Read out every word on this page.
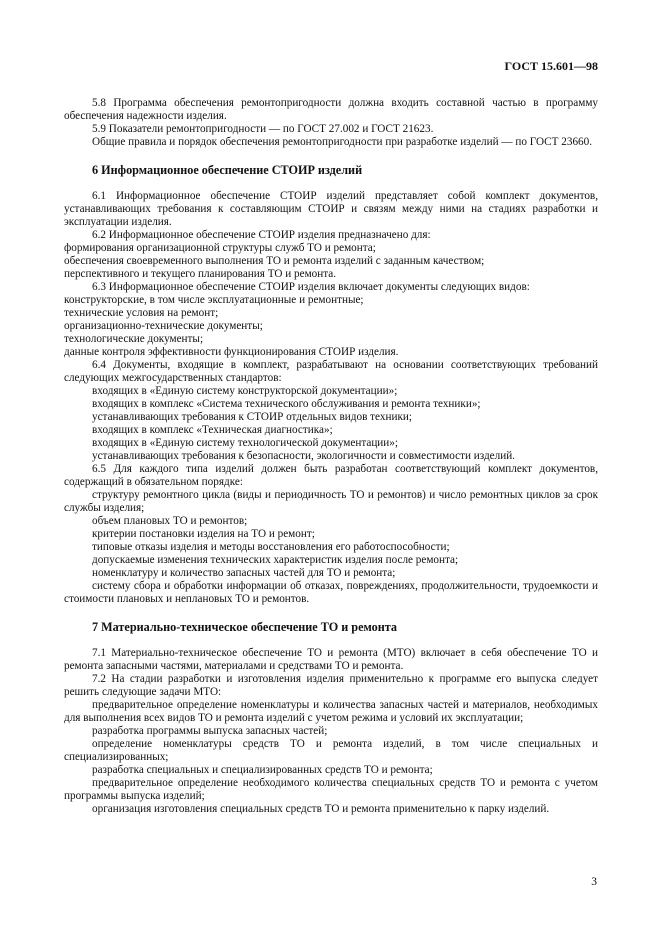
ГОСТ 15.601—98

5.8 Программа обеспечения ремонтопригодности должна входить составной частью в программу обеспечения надежности изделия.

5.9 Показатели ремонтопригодности — по ГОСТ 27.002 и ГОСТ 21623.

Общие правила и порядок обеспечения ремонтопригодности при разработке изделий — по ГОСТ 23660.

6 Информационное обеспечение СТОИР изделий

6.1 Информационное обеспечение СТОИР изделий представляет собой комплект документов, устанавливающих требования к составляющим СТОИР и связям между ними на стадиях разработки и эксплуатации изделия.

6.2 Информационное обеспечение СТОИР изделия предназначено для:

формирования организационной структуры служб ТО и ремонта;

обеспечения своевременного выполнения ТО и ремонта изделий с заданным качеством;

перспективного и текущего планирования ТО и ремонта.

6.3 Информационное обеспечение СТОИР изделия включает документы следующих видов:

конструкторские, в том числе эксплуатационные и ремонтные;

технические условия на ремонт;

организационно-технические документы;

технологические документы;

данные контроля эффективности функционирования СТОИР изделия.

6.4 Документы, входящие в комплект, разрабатывают на основании соответствующих требований следующих межгосударственных стандартов:

входящих в «Единую систему конструкторской документации»;

входящих в комплекс «Система технического обслуживания и ремонта техники»;

устанавливающих требования к СТОИР отдельных видов техники;

входящих в комплекс «Техническая диагностика»;

входящих в «Единую систему технологической документации»;

устанавливающих требования к безопасности, экологичности и совместимости изделий.

6.5 Для каждого типа изделий должен быть разработан соответствующий комплект документов, содержащий в обязательном порядке:

структуру ремонтного цикла (виды и периодичность ТО и ремонтов) и число ремонтных циклов за срок службы изделия;

объем плановых ТО и ремонтов;

критерии постановки изделия на ТО и ремонт;

типовые отказы изделия и методы восстановления его работоспособности;

допускаемые изменения технических характеристик изделия после ремонта;

номенклатуру и количество запасных частей для ТО и ремонта;

систему сбора и обработки информации об отказах, повреждениях, продолжительности, трудоемкости и стоимости плановых и неплановых ТО и ремонтов.

7 Материально-техническое обеспечение ТО и ремонта

7.1 Материально-техническое обеспечение ТО и ремонта (МТО) включает в себя обеспечение ТО и ремонта запасными частями, материалами и средствами ТО и ремонта.

7.2 На стадии разработки и изготовления изделия применительно к программе его выпуска следует решить следующие задачи МТО:

предварительное определение номенклатуры и количества запасных частей и материалов, необходимых для выполнения всех видов ТО и ремонта изделий с учетом режима и условий их эксплуатации;

разработка программы выпуска запасных частей;

определение номенклатуры средств ТО и ремонта изделий, в том числе специальных и специализированных;

разработка специальных и специализированных средств ТО и ремонта;

предварительное определение необходимого количества специальных средств ТО и ремонта с учетом программы выпуска изделий;

организация изготовления специальных средств ТО и ремонта применительно к парку изделий.

3
